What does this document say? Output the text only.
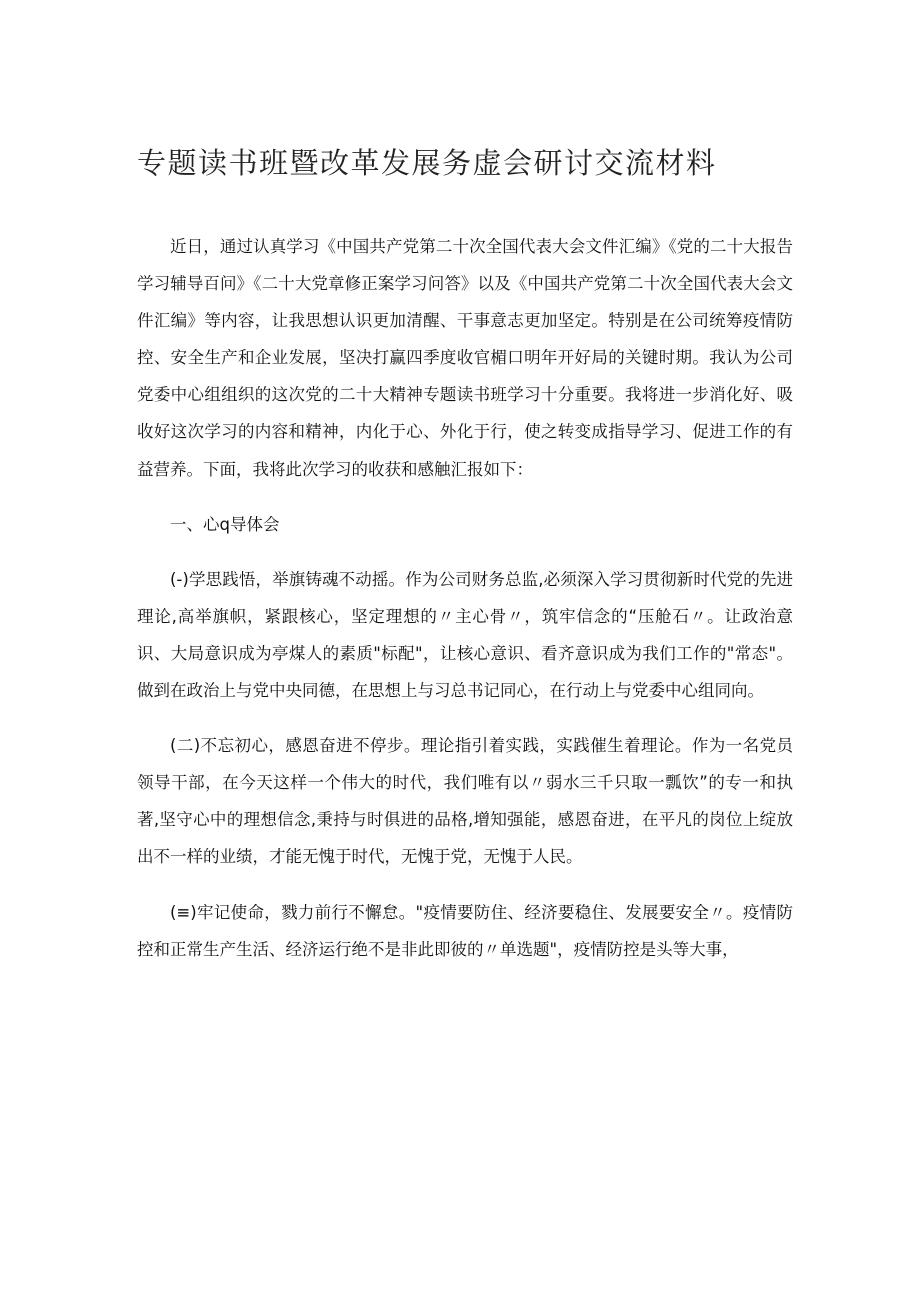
专题读书班暨改革发展务虚会研讨交流材料

近日，通过认真学习《中国共产党第二十次全国代表大会文件汇编》《党的二十大报告学习辅导百问》《二十大党章修正案学习问答》以及《中国共产党第二十次全国代表大会文件汇编》等内容，让我思想认识更加清醒、干事意志更加坚定。特别是在公司统筹疫情防控、安全生产和企业发展，坚决打赢四季度收官楣口明年开好局的关键时期。我认为公司党委中心组组织的这次党的二十大精神专题读书班学习十分重要。我将进一步消化好、吸收好这次学习的内容和精神，内化于心、外化于行，使之转变成指导学习、促进工作的有益营养。下面，我将此次学习的收获和感触汇报如下：

一、心q导体会

(-)学思践悟，举旗铸魂不动摇。作为公司财务总监,必须深入学习贯彻新时代党的先进理论,高举旗帜，紧跟核心，坚定理想的〃主心骨〃，筑牢信念的“压舱石〃。让政治意识、大局意识成为亭煤人的素质"标配"，让核心意识、看齐意识成为我们工作的"常态"。做到在政治上与党中央同德，在思想上与习总书记同心，在行动上与党委中心组同向。

(二)不忘初心，感恩奋进不停步。理论指引着实践，实践催生着理论。作为一名党员领导干部，在今天这样一个伟大的时代，我们唯有以〃弱水三千只取一瓢饮”的专一和执著,坚守心中的理想信念,秉持与时俱进的品格,增知强能，感恩奋进，在平凡的岗位上绽放出不一样的业绩，才能无愧于时代，无愧于党，无愧于人民。

(≡)牢记使命，戮力前行不懈怠。"疫情要防住、经济要稳住、发展要安全〃。疫情防控和正常生产生活、经济运行绝不是非此即彼的〃单选题"，疫情防控是头等大事，
